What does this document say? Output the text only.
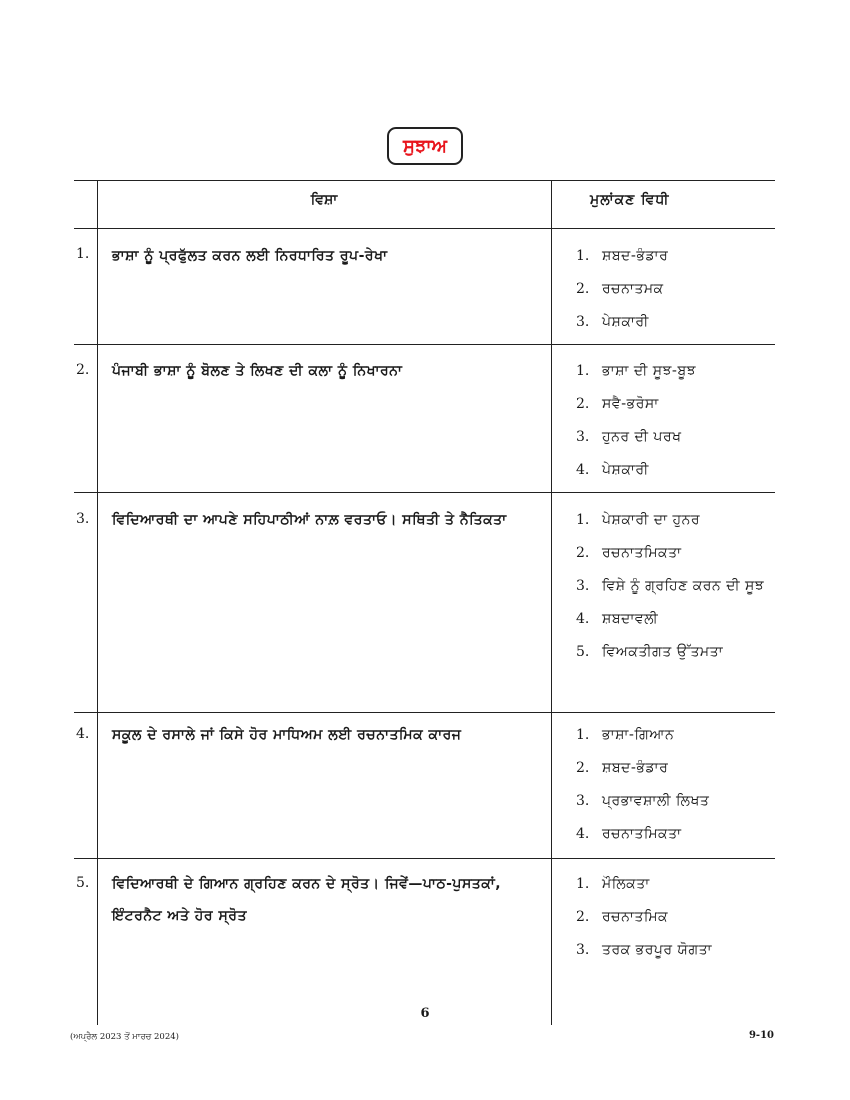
ਸੁਝਾਅ
ਵਿਸ਼ਾ	ਮੁਲਾਂਕਣ ਵਿਧੀ
1.	ਭਾਸ਼ਾ ਨੂੰ ਪ੍ਰਫੁੱਲਤ ਕਰਨ ਲਈ ਨਿਰਧਾਰਿਤ ਰੂਪ-ਰੇਖਾ	1. ਸ਼ਬਦ-ਭੰਡਾਰ
2. ਰਚਨਾਤਮਕ
3. ਪੇਸ਼ਕਾਰੀ
2.	ਪੰਜਾਬੀ ਭਾਸ਼ਾ ਨੂੰ ਬੋਲਣ ਤੇ ਲਿਖਣ ਦੀ ਕਲਾ ਨੂੰ ਨਿਖਾਰਨਾ	1. ਭਾਸ਼ਾ ਦੀ ਸੂਝ-ਬੂਝ
2. ਸਵੈ-ਭਰੋਸਾ
3. ਹੁਨਰ ਦੀ ਪਰਖ
4. ਪੇਸ਼ਕਾਰੀ
3.	ਵਿਦਿਆਰਥੀ ਦਾ ਆਪਣੇ ਸਹਿਪਾਠੀਆਂ ਨਾਲ਼ ਵਰਤਾਓ। ਸਥਿਤੀ ਤੇ ਨੈਤਿਕਤਾ	1. ਪੇਸ਼ਕਾਰੀ ਦਾ ਹੁਨਰ
2. ਰਚਨਾਤਮਿਕਤਾ
3. ਵਿਸ਼ੇ ਨੂੰ ਗ੍ਰਹਿਣ ਕਰਨ ਦੀ ਸੂਝ
4. ਸ਼ਬਦਾਵਲੀ
5. ਵਿਅਕਤੀਗਤ ਉੱਤਮਤਾ
4.	ਸਕੂਲ ਦੇ ਰਸਾਲੇ ਜਾਂ ਕਿਸੇ ਹੋਰ ਮਾਧਿਅਮ ਲਈ ਰਚਨਾਤਮਿਕ ਕਾਰਜ	1. ਭਾਸ਼ਾ-ਗਿਆਨ
2. ਸ਼ਬਦ-ਭੰਡਾਰ
3. ਪ੍ਰਭਾਵਸ਼ਾਲੀ ਲਿਖਤ
4. ਰਚਨਾਤਮਿਕਤਾ
5.	ਵਿਦਿਆਰਥੀ ਦੇ ਗਿਆਨ ਗ੍ਰਹਿਣ ਕਰਨ ਦੇ ਸ੍ਰੋਤ। ਜਿਵੇਂ—ਪਾਠ-ਪੁਸਤਕਾਂ, ਇੰਟਰਨੈਟ ਅਤੇ ਹੋਰ ਸ੍ਰੋਤ
1. ਮੌਲਿਕਤਾ
2. ਰਚਨਾਤਮਿਕ
3. ਤਰਕ ਭਰਪੂਰ ਯੋਗਤਾ
6
(ਅਪ੍ਰੈਲ 2023 ਤੋਂ ਮਾਰਚ 2024)	9-10
